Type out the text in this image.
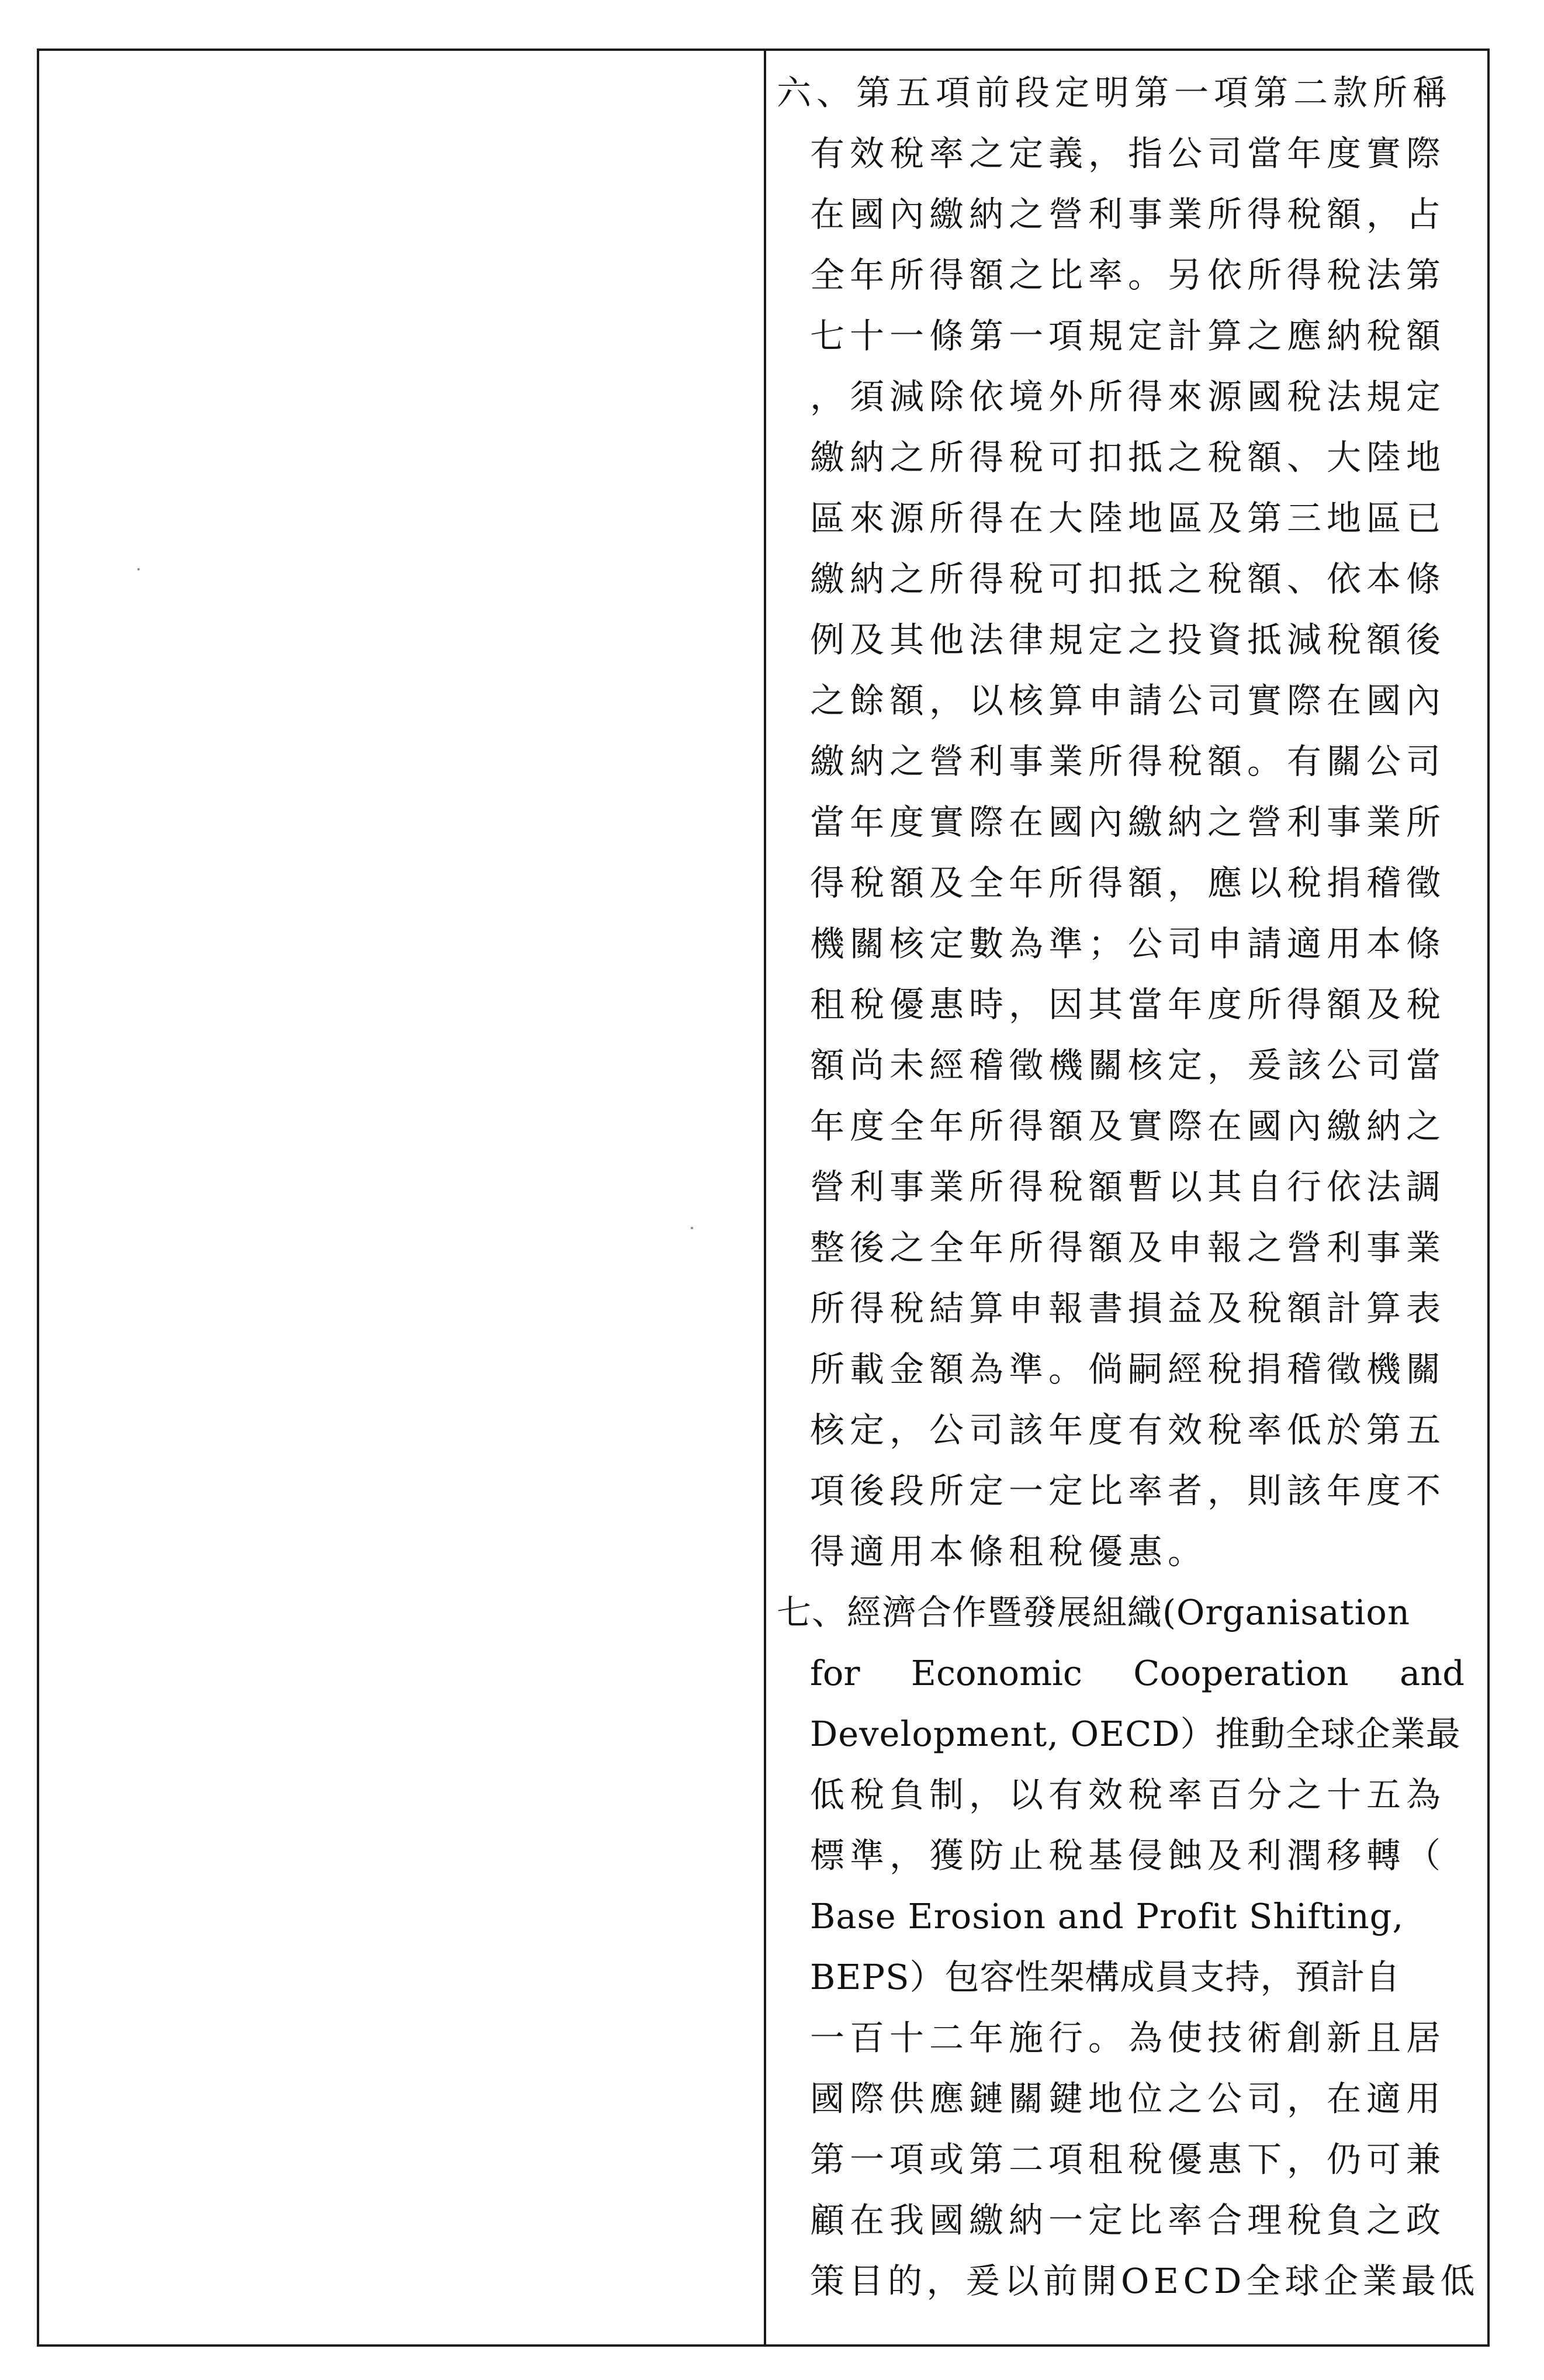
六、第五項前段定明第一項第二款所稱
有效稅率之定義，指公司當年度實際
在國內繳納之營利事業所得稅額，占
全年所得額之比率。另依所得稅法第
七十一條第一項規定計算之應納稅額
，須減除依境外所得來源國稅法規定
繳納之所得稅可扣抵之稅額、大陸地
區來源所得在大陸地區及第三地區已
繳納之所得稅可扣抵之稅額、依本條
例及其他法律規定之投資抵減稅額後
之餘額，以核算申請公司實際在國內
繳納之營利事業所得稅額。有關公司
當年度實際在國內繳納之營利事業所
得稅額及全年所得額，應以稅捐稽徵
機關核定數為準；公司申請適用本條
租稅優惠時，因其當年度所得額及稅
額尚未經稽徵機關核定，爰該公司當
年度全年所得額及實際在國內繳納之
營利事業所得稅額暫以其自行依法調
整後之全年所得額及申報之營利事業
所得稅結算申報書損益及稅額計算表
所載金額為準。倘嗣經稅捐稽徵機關
核定，公司該年度有效稅率低於第五
項後段所定一定比率者，則該年度不
得適用本條租稅優惠。
七、經濟合作暨發展組織(Organisation
for Economic Cooperation and
Development, OECD）推動全球企業最
低稅負制，以有效稅率百分之十五為
標準，獲防止稅基侵蝕及利潤移轉（
Base Erosion and Profit Shifting,
BEPS）包容性架構成員支持，預計自
一百十二年施行。為使技術創新且居
國際供應鏈關鍵地位之公司，在適用
第一項或第二項租稅優惠下，仍可兼
顧在我國繳納一定比率合理稅負之政
策目的，爰以前開OECD全球企業最低
